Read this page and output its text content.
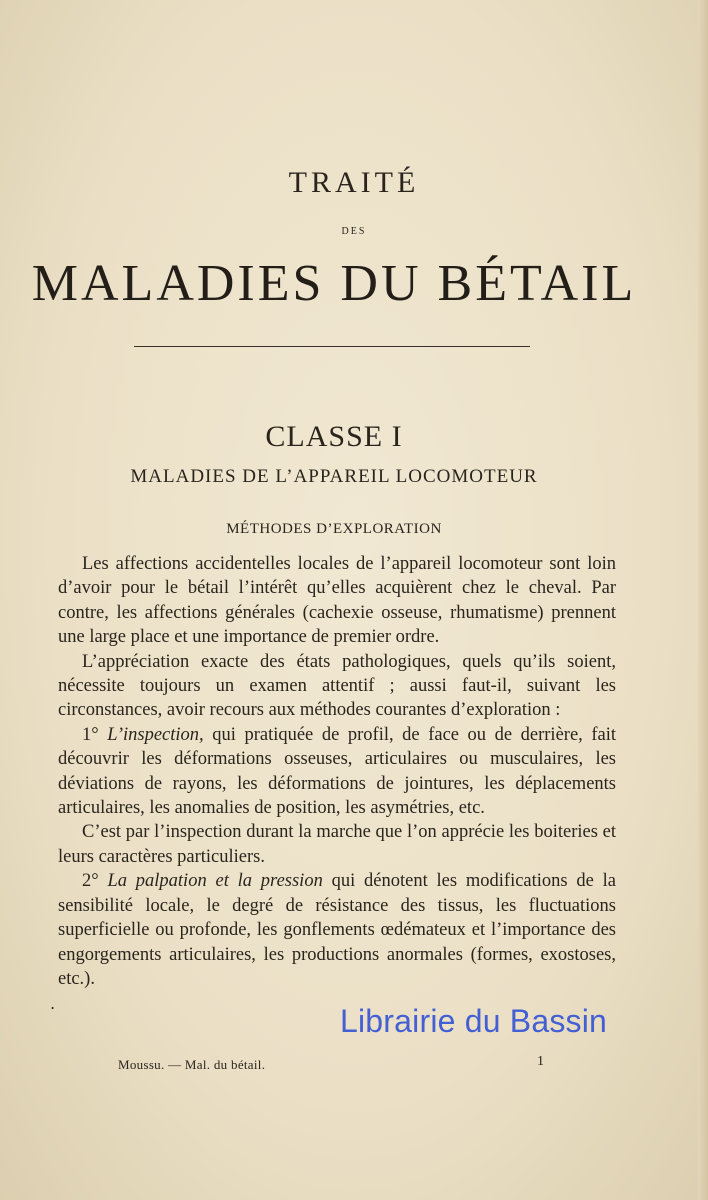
TRAITÉ
DES
MALADIES DU BÉTAIL
CLASSE I
MALADIES DE L’APPAREIL LOCOMOTEUR
MÉTHODES D’EXPLORATION

Les affections accidentelles locales de l’appareil locomoteur sont loin d’avoir pour le bétail l’intérêt qu’elles acquièrent chez le cheval. Par contre, les affections générales (cachexie osseuse, rhumatisme) prennent une large place et une importance de premier ordre.

L’appréciation exacte des états pathologiques, quels qu’ils soient, nécessite toujours un examen attentif ; aussi faut-il, suivant les circonstances, avoir recours aux méthodes courantes d’exploration :

1° L’inspection, qui pratiquée de profil, de face ou de derrière, fait découvrir les déformations osseuses, articulaires ou musculaires, les déviations de rayons, les déformations de jointures, les déplacements articulaires, les anomalies de position, les asymétries, etc.

C’est par l’inspection durant la marche que l’on apprécie les boiteries et leurs caractères particuliers.

2° La palpation et la pression qui dénotent les modifications de la sensibilité locale, le degré de résistance des tissus, les fluctuations superficielle ou profonde, les gonflements œdémateux et l’importance des engorgements articulaires, les productions anormales (formes, exostoses, etc.).

.
Moussu. — Mal. du bétail.	1
Librairie du Bassin
